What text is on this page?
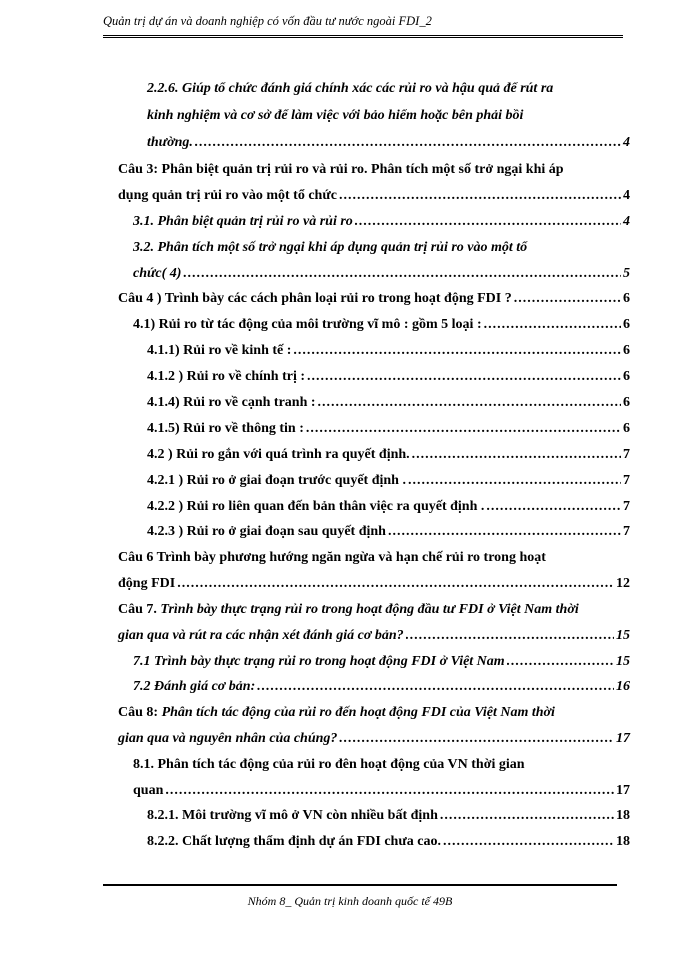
Quản trị dự án và doanh nghiệp có vốn đầu tư nước ngoài FDI_2
2.2.6. Giúp tổ chức đánh giá chính xác các rủi ro và hậu quả để rút ra
kinh nghiệm và cơ sở để làm việc với bảo hiểm hoặc bên phải bồi
thường. .....	4
Câu 3: Phân biệt quản trị rủi ro và rủi ro. Phân tích một số trở ngại khi áp
dụng quản trị rủi ro vào một tổ chức .....	4
3.1. Phân biệt quản trị rủi ro và rủi ro .....	4
3.2. Phân tích một số trở ngại khi áp dụng quản trị rủi ro vào một tổ
chức( 4) .....	5
Câu 4 ) Trình bày các cách phân loại rủi ro trong hoạt động FDI ? .....	6
4.1) Rủi ro từ tác động của môi trường vĩ mô : gồm 5 loại : .....	6
4.1.1) Rủi ro về kinh tế : .....	6
4.1.2 ) Rủi ro về chính trị : .....	6
4.1.4) Rủi ro về cạnh tranh : .....	6
4.1.5) Rủi ro về thông tin : .....	6
4.2 ) Rủi ro gắn với quá trình ra quyết định. .....	7
4.2.1 ) Rủi ro ở giai đoạn trước quyết định . .....	7
4.2.2 ) Rủi ro liên quan đến bản thân việc ra quyết định . .....	7
4.2.3 ) Rủi ro ở giai đoạn sau quyết định .....	7
Câu 6 Trình bày phương hướng ngăn ngừa và hạn chế rủi ro trong hoạt
động FDI .....	12
Câu 7. Trình bày thực trạng rủi ro trong hoạt động đầu tư FDI ở Việt Nam thời
gian qua và rút ra các nhận xét đánh giá cơ bản? .....	15
7.1 Trình bày thực trạng rủi ro trong hoạt động FDI ở Việt Nam .....	15
7.2 Đánh giá cơ bản: .....	16
Câu 8: Phân tích tác động của rủi ro đến hoạt động FDI của Việt Nam thời
gian qua và nguyên nhân của chúng? .....	17
8.1. Phân tích tác động của rủi ro đên hoạt động của VN thời gian
quan .....	17
8.2.1. Môi trường vĩ mô ở VN còn nhiều bất định .....	18
8.2.2. Chất lượng thẩm định dự án FDI chưa cao. .....	18
Nhóm 8_ Quản trị kinh doanh quốc tế 49B
